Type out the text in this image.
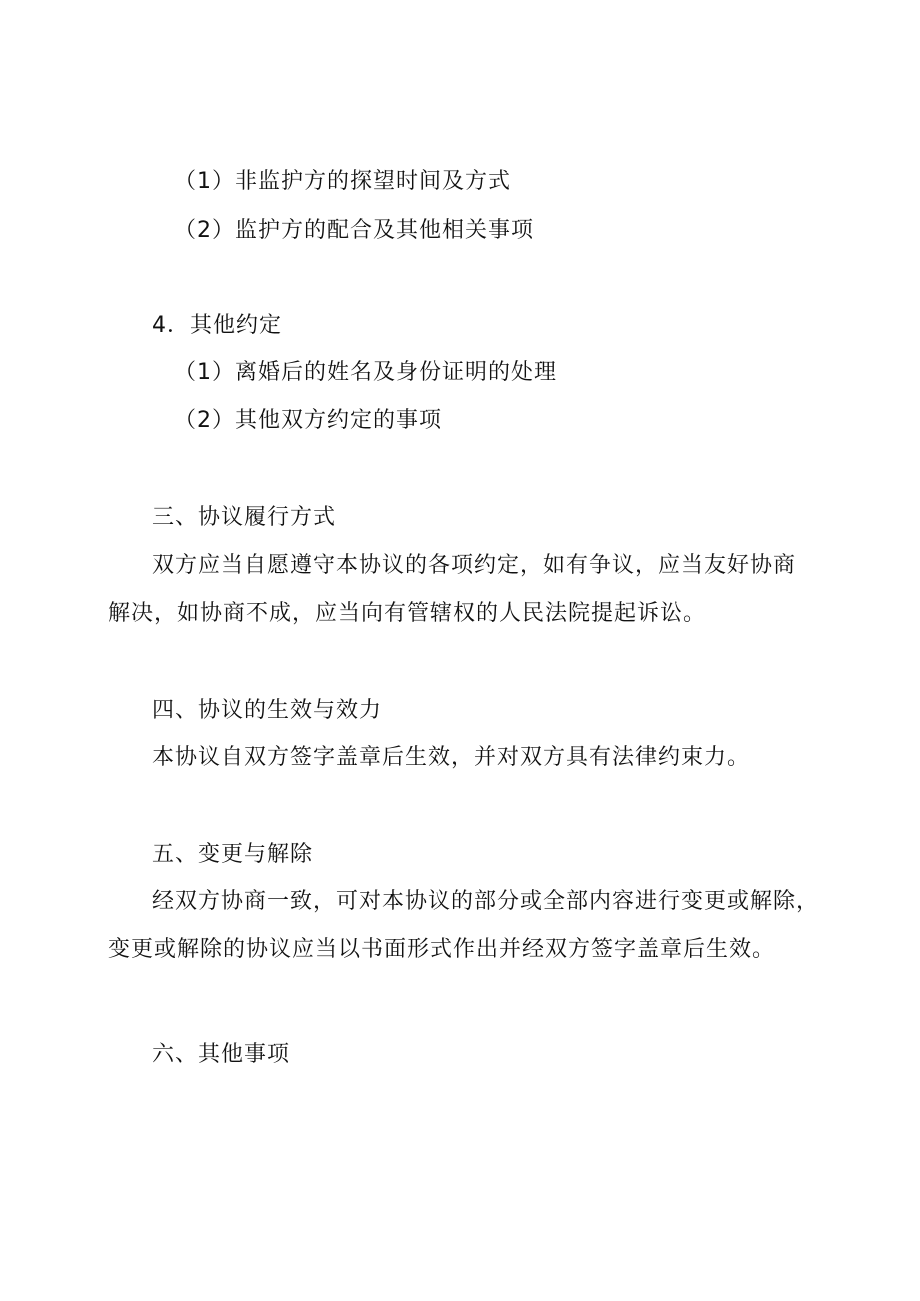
（1）非监护方的探望时间及方式
（2）监护方的配合及其他相关事项
4．其他约定
（1）离婚后的姓名及身份证明的处理
（2）其他双方约定的事项
三、协议履行方式
双方应当自愿遵守本协议的各项约定，如有争议，应当友好协商
解决，如协商不成，应当向有管辖权的人民法院提起诉讼。
四、协议的生效与效力
本协议自双方签字盖章后生效，并对双方具有法律约束力。
五、变更与解除
经双方协商一致，可对本协议的部分或全部内容进行变更或解除，
变更或解除的协议应当以书面形式作出并经双方签字盖章后生效。
六、其他事项
